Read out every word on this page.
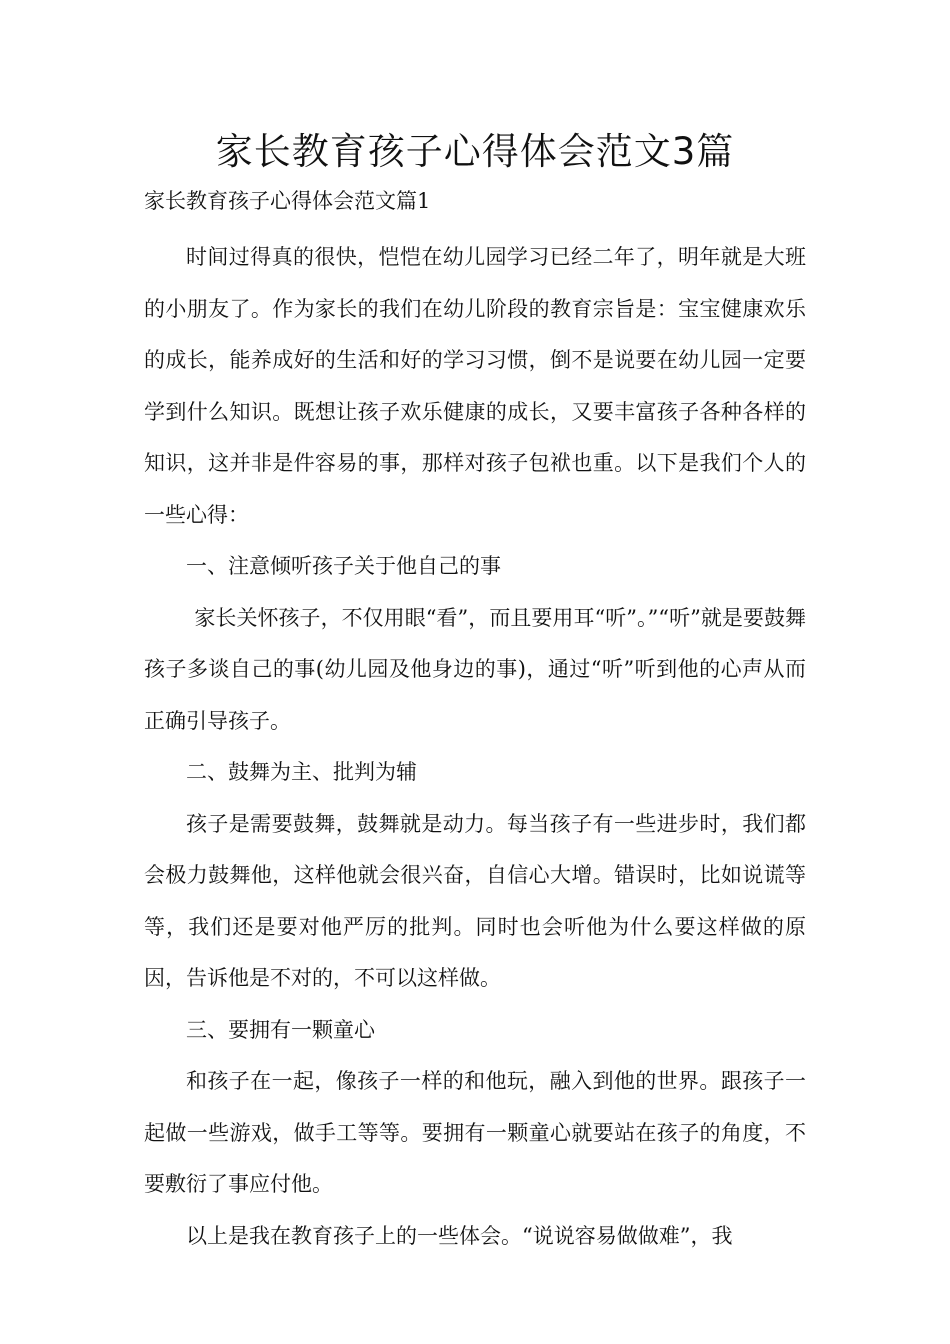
家长教育孩子心得体会范文3篇
家长教育孩子心得体会范文篇1

时间过得真的很快，恺恺在幼儿园学习已经二年了，明年就是大班的小朋友了。作为家长的我们在幼儿阶段的教育宗旨是：宝宝健康欢乐的成长，能养成好的生活和好的学习习惯，倒不是说要在幼儿园一定要学到什么知识。既想让孩子欢乐健康的成长，又要丰富孩子各种各样的知识，这并非是件容易的事，那样对孩子包袱也重。以下是我们个人的一些心得：

一、注意倾听孩子关于他自己的事

家长关怀孩子，不仅用眼“看”，而且要用耳“听”。”“听”就是要鼓舞孩子多谈自己的事(幼儿园及他身边的事)，通过“听”听到他的心声从而正确引导孩子。

二、鼓舞为主、批判为辅

孩子是需要鼓舞，鼓舞就是动力。每当孩子有一些进步时，我们都会极力鼓舞他，这样他就会很兴奋，自信心大增。错误时，比如说谎等等，我们还是要对他严厉的批判。同时也会听他为什么要这样做的原因，告诉他是不对的，不可以这样做。

三、要拥有一颗童心

和孩子在一起，像孩子一样的和他玩，融入到他的世界。跟孩子一起做一些游戏，做手工等等。要拥有一颗童心就要站在孩子的角度，不要敷衍了事应付他。

以上是我在教育孩子上的一些体会。“说说容易做做难”，我
